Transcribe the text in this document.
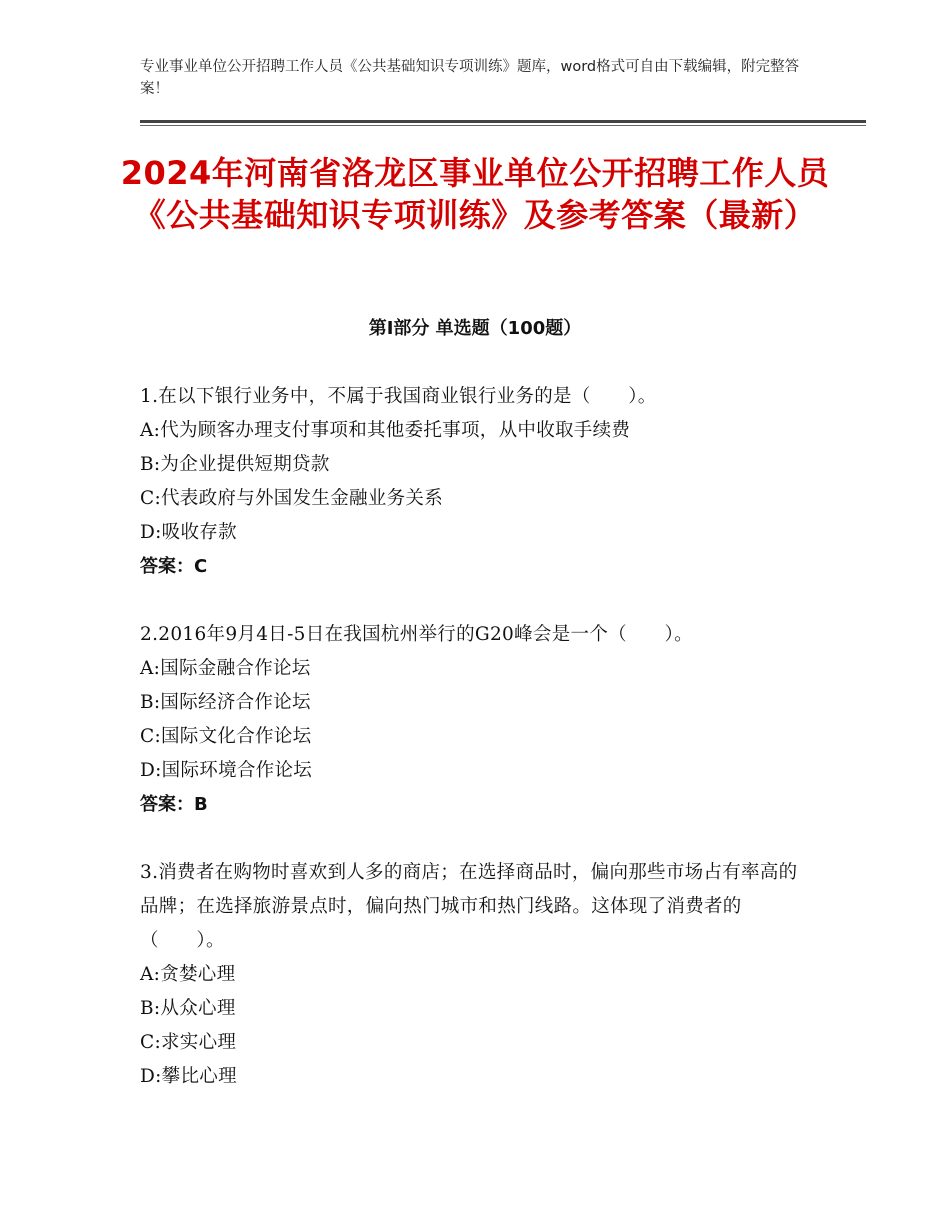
专业事业单位公开招聘工作人员《公共基础知识专项训练》题库，word格式可自由下载编辑，附完整答案！
2024年河南省洛龙区事业单位公开招聘工作人员《公共基础知识专项训练》及参考答案（最新）
第Ⅰ部分 单选题（100题）
1.在以下银行业务中，不属于我国商业银行业务的是（　　）。
A:代为顾客办理支付事项和其他委托事项，从中收取手续费
B:为企业提供短期贷款
C:代表政府与外国发生金融业务关系
D:吸收存款
答案：C
2.2016年9月4日-5日在我国杭州举行的G20峰会是一个（　　）。
A:国际金融合作论坛
B:国际经济合作论坛
C:国际文化合作论坛
D:国际环境合作论坛
答案：B
3.消费者在购物时喜欢到人多的商店；在选择商品时，偏向那些市场占有率高的品牌；在选择旅游景点时，偏向热门城市和热门线路。这体现了消费者的（　　）。
A:贪婪心理
B:从众心理
C:求实心理
D:攀比心理
